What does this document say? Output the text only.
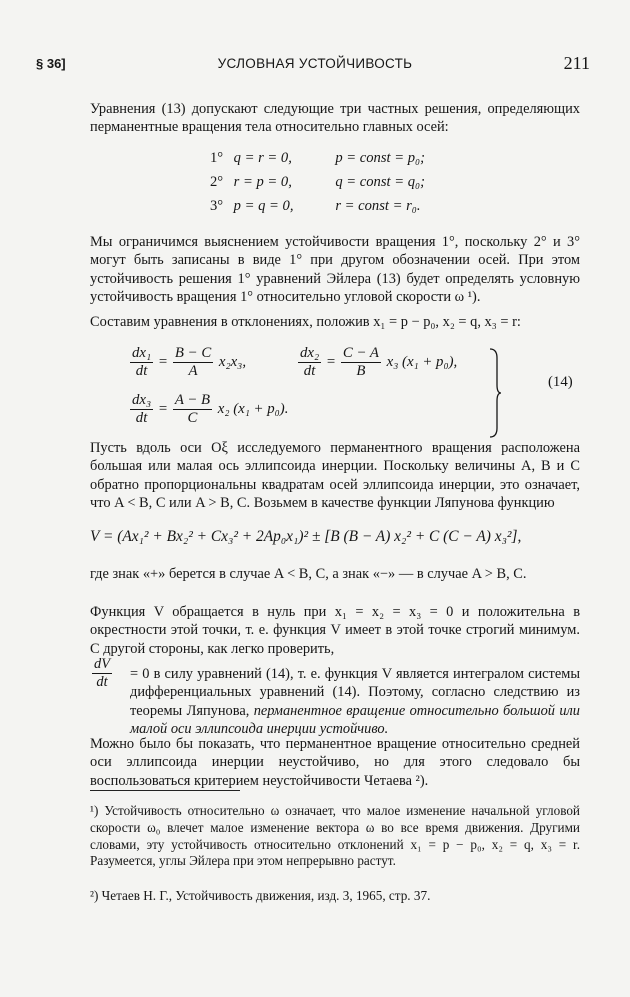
§ 36]	УСЛОВНАЯ УСТОЙЧИВОСТЬ	211
Уравнения (13) допускают следующие три частных решения, определяющих перманентные вращения тела относительно главных осей:
1° q = r = 0,	p = const = p₀;
2° r = p = 0,	q = const = q₀;
3° p = q = 0,	r = const = r₀.
Мы ограничимся выяснением устойчивости вращения 1°, поскольку 2° и 3° могут быть записаны в виде 1° при другом обозначении осей. При этом устойчивость решения 1° уравнений Эйлера (13) будет определять условную устойчивость вращения 1° относительно угловой скорости ω ¹).
Составим уравнения в отклонениях, положив x₁ = p − p₀, x₂ = q, x₃ = r:
$\frac{\text{dx₁}}{dt} = \frac{B - C}{A} x_2x_3$,	$\frac{\text{dx₂}}{dt} = \frac{C - A}{B} x_3$ (x₁ + p₀),
$\frac{\text{dx₃}}{dt} = \frac{A - B}{C} x_2$ (x₁ + p₀).
(14)
Пусть вдоль оси Oξ исследуемого перманентного вращения расположена большая или малая ось эллипсоида инерции. Поскольку величины A, B и C обратно пропорциональны квадратам осей эллипсоида инерции, это означает, что A < B, C или A > B, C. Возьмем в качестве функции Ляпунова функцию
V = (Ax₁² + Bx₂² + Cx₃² + 2Ap₀x₁)² ± [B (B − A) x₂² + C (C − A) x₃²],
где знак «+» берется в случае A < B, C, а знак «−» — в случае A > B, C.
Функция V обращается в нуль при x₁ = x₂ = x₃ = 0 и положительна в окрестности этой точки, т. е. функция V имеет в этой точке строгий минимум. С другой стороны, как легко проверить,
$\frac{dV}{dt} = 0$ в силу уравнений (14), т. е. функция V является интегралом системы дифференциальных уравнений (14). Поэтому, согласно следствию из теоремы Ляпунова, перманентное вращение относительно большой или малой оси эллипсоида инерции устойчиво.
Можно было бы показать, что перманентное вращение относительно средней оси эллипсоида инерции неустойчиво, но для этого следовало бы воспользоваться критерием неустойчивости Четаева ²).
¹) Устойчивость относительно ω означает, что малое изменение начальной угловой скорости ω₀ влечет малое изменение вектора ω во все время движения. Другими словами, эту устойчивость относительно отклонений x₁ = p − p₀, x₂ = q, x₃ = r. Разумеется, углы Эйлера при этом непрерывно растут.
²) Четаев Н. Г., Устойчивость движения, изд. 3, 1965, стр. 37.
